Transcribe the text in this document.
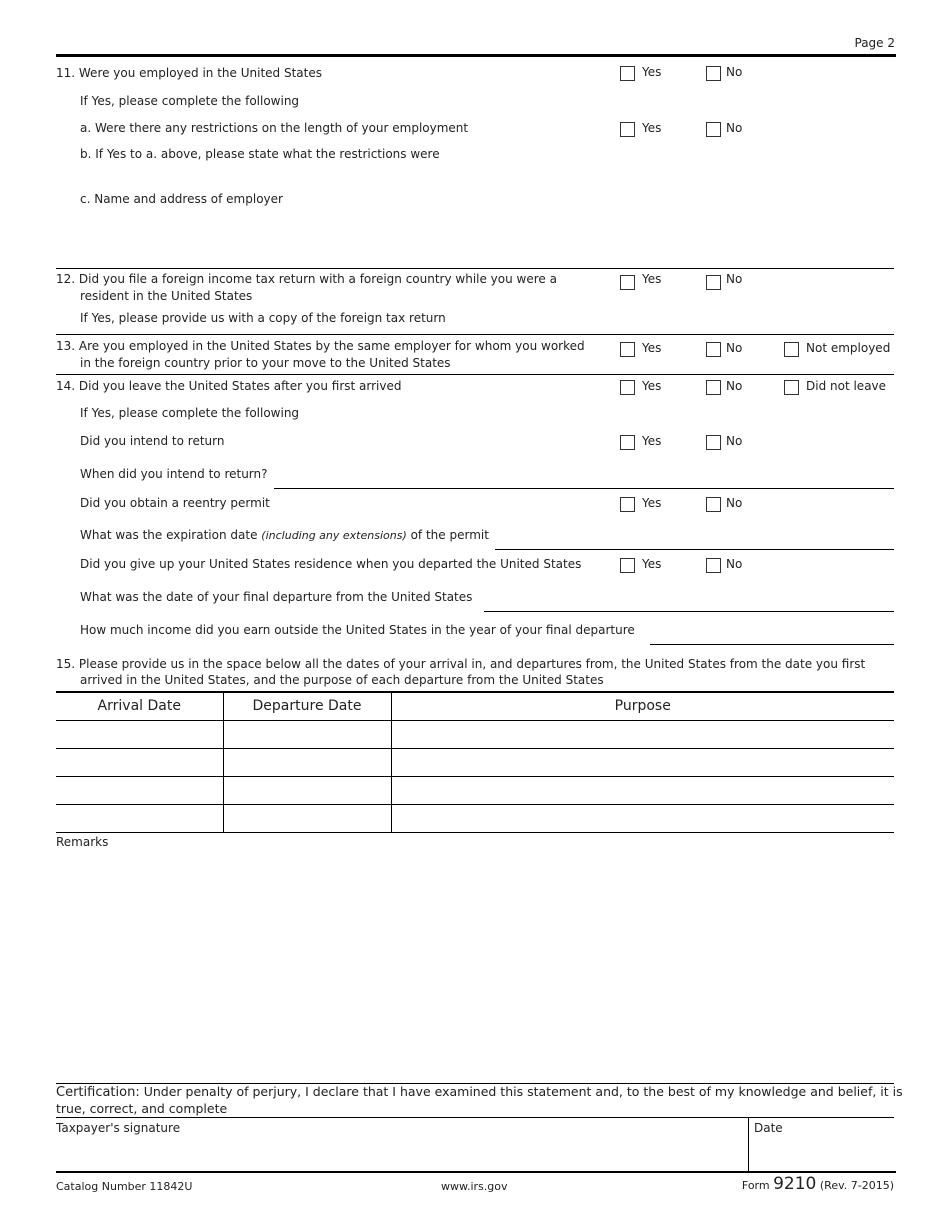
Page 2
11. Were you employed in the United States	Yes	No
If Yes, please complete the following
a. Were there any restrictions on the length of your employment	Yes	No
b. If Yes to a. above, please state what the restrictions were
c. Name and address of employer
12. Did you file a foreign income tax return with a foreign country while you were a
resident in the United States
Yes	No
If Yes, please provide us with a copy of the foreign tax return
13. Are you employed in the United States by the same employer for whom you worked
in the foreign country prior to your move to the United States
Yes	No	Not employed
14. Did you leave the United States after you first arrived	Yes	No	Did not leave
If Yes, please complete the following
Did you intend to return	Yes	No
When did you intend to return?
Did you obtain a reentry permit	Yes	No
What was the expiration date (including any extensions) of the permit
Did you give up your United States residence when you departed the United States	Yes	No
What was the date of your final departure from the United States
How much income did you earn outside the United States in the year of your final departure
15. Please provide us in the space below all the dates of your arrival in, and departures from, the United States from the date you first
arrived in the United States, and the purpose of each departure from the United States
Arrival Date	Departure Date	Purpose

Remarks
Certification: Under penalty of perjury, I declare that I have examined this statement and, to the best of my knowledge and belief, it is
true, correct, and complete
Taxpayer's signature	Date
Catalog Number 11842U	www.irs.gov	Form 9210 (Rev. 7-2015)
